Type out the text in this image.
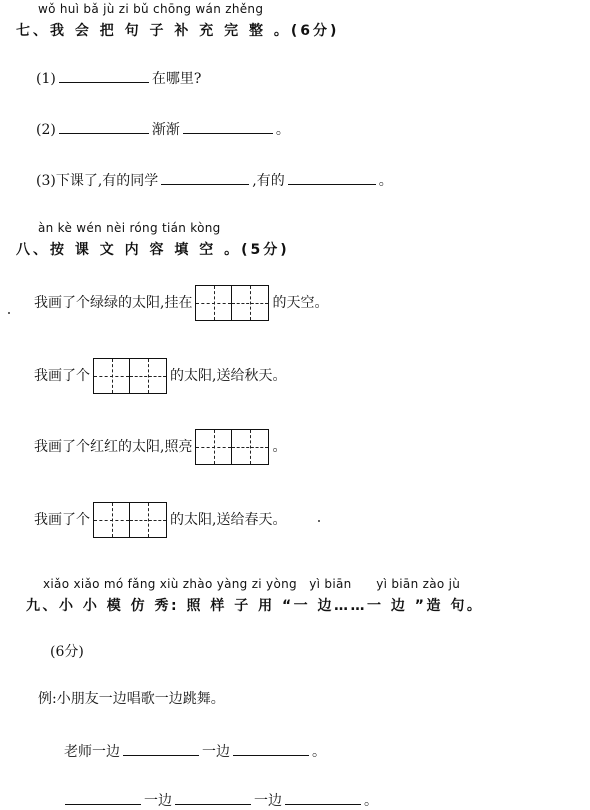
wǒ huì bǎ jù zi bǔ chōng wán zhěng
七、我 会 把 句 子 补 充 完 整 。(6分)
(1)	在哪里?
(2)	渐渐	。
(3)下课了,有的同学	,有的	。
àn kè wén nèi róng tián kòng
八、按 课 文 内 容 填 空 。(5分)
我画了个绿绿的太阳,挂在	的天空。
我画了个	的太阳,送给秋天。
我画了个红红的太阳,照亮	。
我画了个	的太阳,送给春天。
xiǎo xiǎo mó fǎng xiù zhào yàng zi yòng   yì biān      yì biān zào jù
九、小 小 模 仿 秀: 照 样 子 用 “一 边……一 边 ”造 句。
(6分)
例:小朋友一边唱歌一边跳舞。
老师一边	一边	。
一边	一边	。
